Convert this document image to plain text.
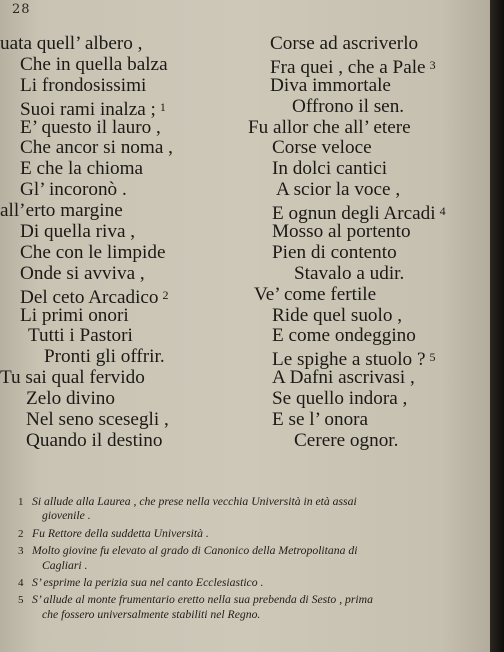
28
uata quell’ albero ,
Che in quella balza
Li frondosissimi
Suoi rami inalza ; $^1$
E’ questo il lauro ,
Che ancor si noma ,
E che la chioma
Gl’ incoronò .
all’erto margine
Di quella riva ,
Che con le limpide
Onde si avviva ,
Del ceto Arcadico $^2$
Li primi onori
Tutti i Pastori
Pronti gli offrir.
Tu sai qual fervido
Zelo divino
Nel seno scesegli ,
Quando il destino
Corse ad ascriverlo
Fra quei , che a Pale $^3$
Diva immortale
Offrono il sen.
Fu allor che all’ etere
Corse veloce
In dolci cantici
A scior la voce ,
E ognun degli Arcadi $^4$
Mosso al portento
Pien di contento
Stavalo a udir.
Ve’ come fertile
Ride quel suolo ,
E come ondeggino
Le spighe a stuolo ? $^5$
A Dafni ascrivasi ,
Se quello indora ,
E se l’ onora
Cerere ognor.
1 Si allude alla Laurea , che prese nella vecchia Università in età assai
giovenile .
2 Fu Rettore della suddetta Università .
3 Molto giovine fu elevato al grado di Canonico della Metropolitana di
Cagliari .
4 S’ esprime la perizia sua nel canto Ecclesiastico .
5 S’ allude al monte frumentario eretto nella sua prebenda di Sesto , prima
che fossero universalmente stabiliti nel Regno.
